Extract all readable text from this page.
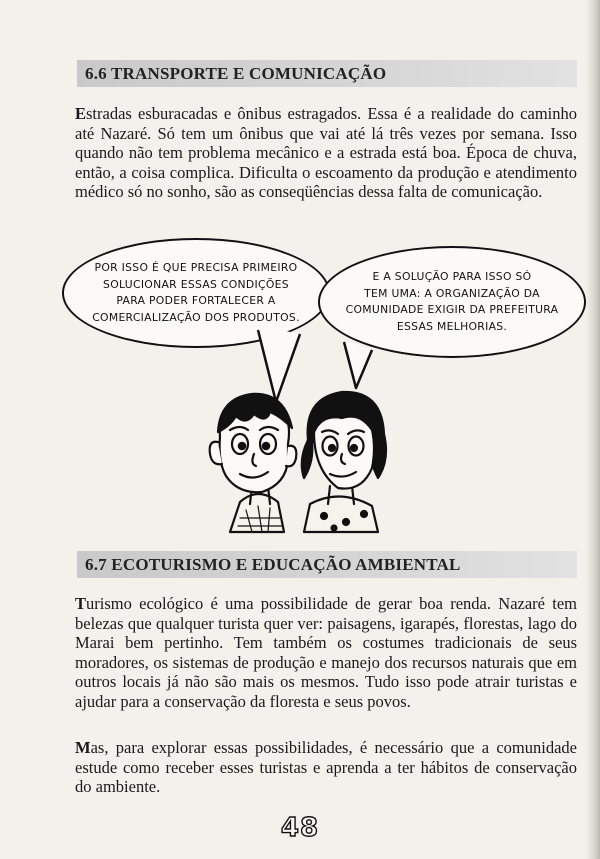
6.6 TRANSPORTE E COMUNICAÇÃO

Estradas esburacadas e ônibus estragados. Essa é a realidade do caminho até Nazaré. Só tem um ônibus que vai até lá três vezes por semana. Isso quando não tem problema mecânico e a estrada está boa. Época de chuva, então, a coisa complica. Dificulta o escoamento da produção e atendimento médico só no sonho, são as conseqüências dessa falta de comunicação.

POR ISSO É QUE PRECISA PRIMEIRO
SOLUCIONAR ESSAS CONDIÇÕES
PARA PODER FORTALECER A
COMERCIALIZAÇÃO DOS PRODUTOS.
E A SOLUÇÃO PARA ISSO SÓ
TEM UMA: A ORGANIZAÇÃO DA
COMUNIDADE EXIGIR DA PREFEITURA
ESSAS MELHORIAS.
6.7 ECOTURISMO E EDUCAÇÃO AMBIENTAL

Turismo ecológico é uma possibilidade de gerar boa renda. Nazaré tem belezas que qualquer turista quer ver: paisagens, igarapés, florestas, lago do Marai bem pertinho. Tem também os costumes tradicionais de seus moradores, os sistemas de produção e manejo dos recursos naturais que em outros locais já não são mais os mesmos. Tudo isso pode atrair turistas e ajudar para a conservação da floresta e seus povos.

Mas, para explorar essas possibilidades, é necessário que a comunidade estude como receber esses turistas e aprenda a ter hábitos de conservação do ambiente.

48
